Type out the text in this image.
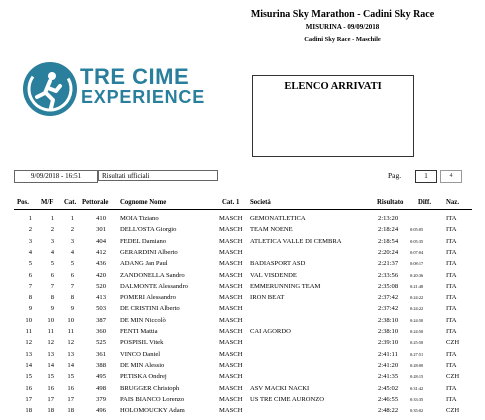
Misurina Sky Marathon - Cadini Sky Race
MISURINA - 09/09/2018
Cadini Sky Race - Maschile
TRE CIME
EXPERIENCE
ELENCO ARRIVATI
9/09/2018 - 16:51	Risultati ufficiali	Pag.	1	4
Pos. M/F Cat. Pettorale Cognome Nome	Cat. 1 Società	Risultato Diff. Naz.
1	1	1	410 MOIA Tiziano	MASCH GEMONATLETICA	2:13:20	ITA
2	2	2	301 DELL'OSTA Giorgio	MASCH TEAM NOENE	2:18:24	0:05:05	ITA
3	3	3	404 FEDEL Damiano	MASCH ATLETICA VALLE DI CEMBRA	2:18:54	0:05:35	ITA
4	4	4	412 GERARDINI Alberto	MASCH	2:20:24	0:07:04	ITA
5	5	5	436 ADANG Jan Paul	MASCH BADIASPORT ASD	2:21:37	0:08:17	ITA
6	6	6	420 ZANDONELLA Sandro	MASCH VAL VISDENDE	2:33:56	0:20:36	ITA
7	7	7	520 DALMONTE Alessandro	MASCH EMMERUNNING TEAM	2:35:08	0:21:48	ITA
8	8	8	413 POMERI Alessandro	MASCH IRON BEAT	2:37:42	0:24:22	ITA
9	9	9	503 DE CRISTINI Alberto	MASCH	2:37:42	0:24:22	ITA
10	10	10	387 DE MIN Niccolò	MASCH	2:38:10	0:24:50	ITA
11	11	11	360 FENTI Mattia	MASCH CAI AGORDO	2:38:10	0:24:50	ITA
12	12	12	525 POSPISIL Vitek	MASCH	2:39:10	0:25:50	CZH
13	13	13	361 VINCO Daniel	MASCH	2:41:11	0:27:51	ITA
14	14	14	388 DE MIN Alessio	MASCH	2:41:20	0:28:00	ITA
15	15	15	495 PETISKA Ondrej	MASCH	2:41:35	0:28:15	CZH
16	16	16	498 BRUGGER Christoph	MASCH ASV MACKI NACKI	2:45:02	0:31:42	ITA
17	17	17	379 PAIS BIANCO Lorenzo	MASCH US TRE CIME AURONZO	2:46:55	0:33:35	ITA
18	18	18	496 HOLOMOUCKY Adam	MASCH	2:48:22	0:35:02	CZH
